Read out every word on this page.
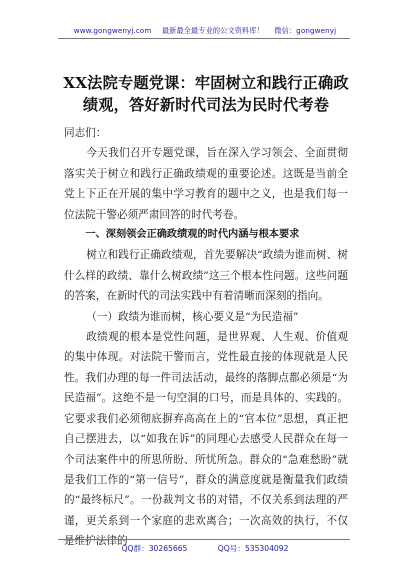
www.gongwenyj.com 最新最全最专业的公文资料库！ 微信：gongwenyj
XX法院专题党课：牢固树立和践行正确政绩观，答好新时代司法为民时代考卷

同志们：

今天我们召开专题党课，旨在深入学习领会、全面贯彻落实关于树立和践行正确政绩观的重要论述。这既是当前全党上下正在开展的集中学习教育的题中之义，也是我们每一位法院干警必须严肃回答的时代考卷。

一、深刻领会正确政绩观的时代内涵与根本要求

树立和践行正确政绩观，首先要解决“政绩为谁而树、树什么样的政绩、靠什么树政绩”这三个根本性问题。这些问题的答案，在新时代的司法实践中有着清晰而深刻的指向。

（一）政绩为谁而树，核心要义是“为民造福”

政绩观的根本是党性问题，是世界观、人生观、价值观的集中体现。对法院干警而言，党性最直接的体现就是人民性。我们办理的每一件司法活动，最终的落脚点都必须是“为民造福”。这绝不是一句空洞的口号，而是具体的、实践的。它要求我们必须彻底摒弃高高在上的“官本位”思想，真正把自己摆进去，以“如我在诉”的同理心去感受人民群众在每一个司法案件中的所思所盼、所忧所急。群众的“急难愁盼”就是我们工作的“第一信号”，群众的满意度就是衡量我们政绩的“最终标尺”。一份裁判文书的对错，不仅关系到法理的严谨，更关系到一个家庭的悲欢离合；一次高效的执行，不仅是维护法律的

QQ群：30265665	QQ号：535304092
